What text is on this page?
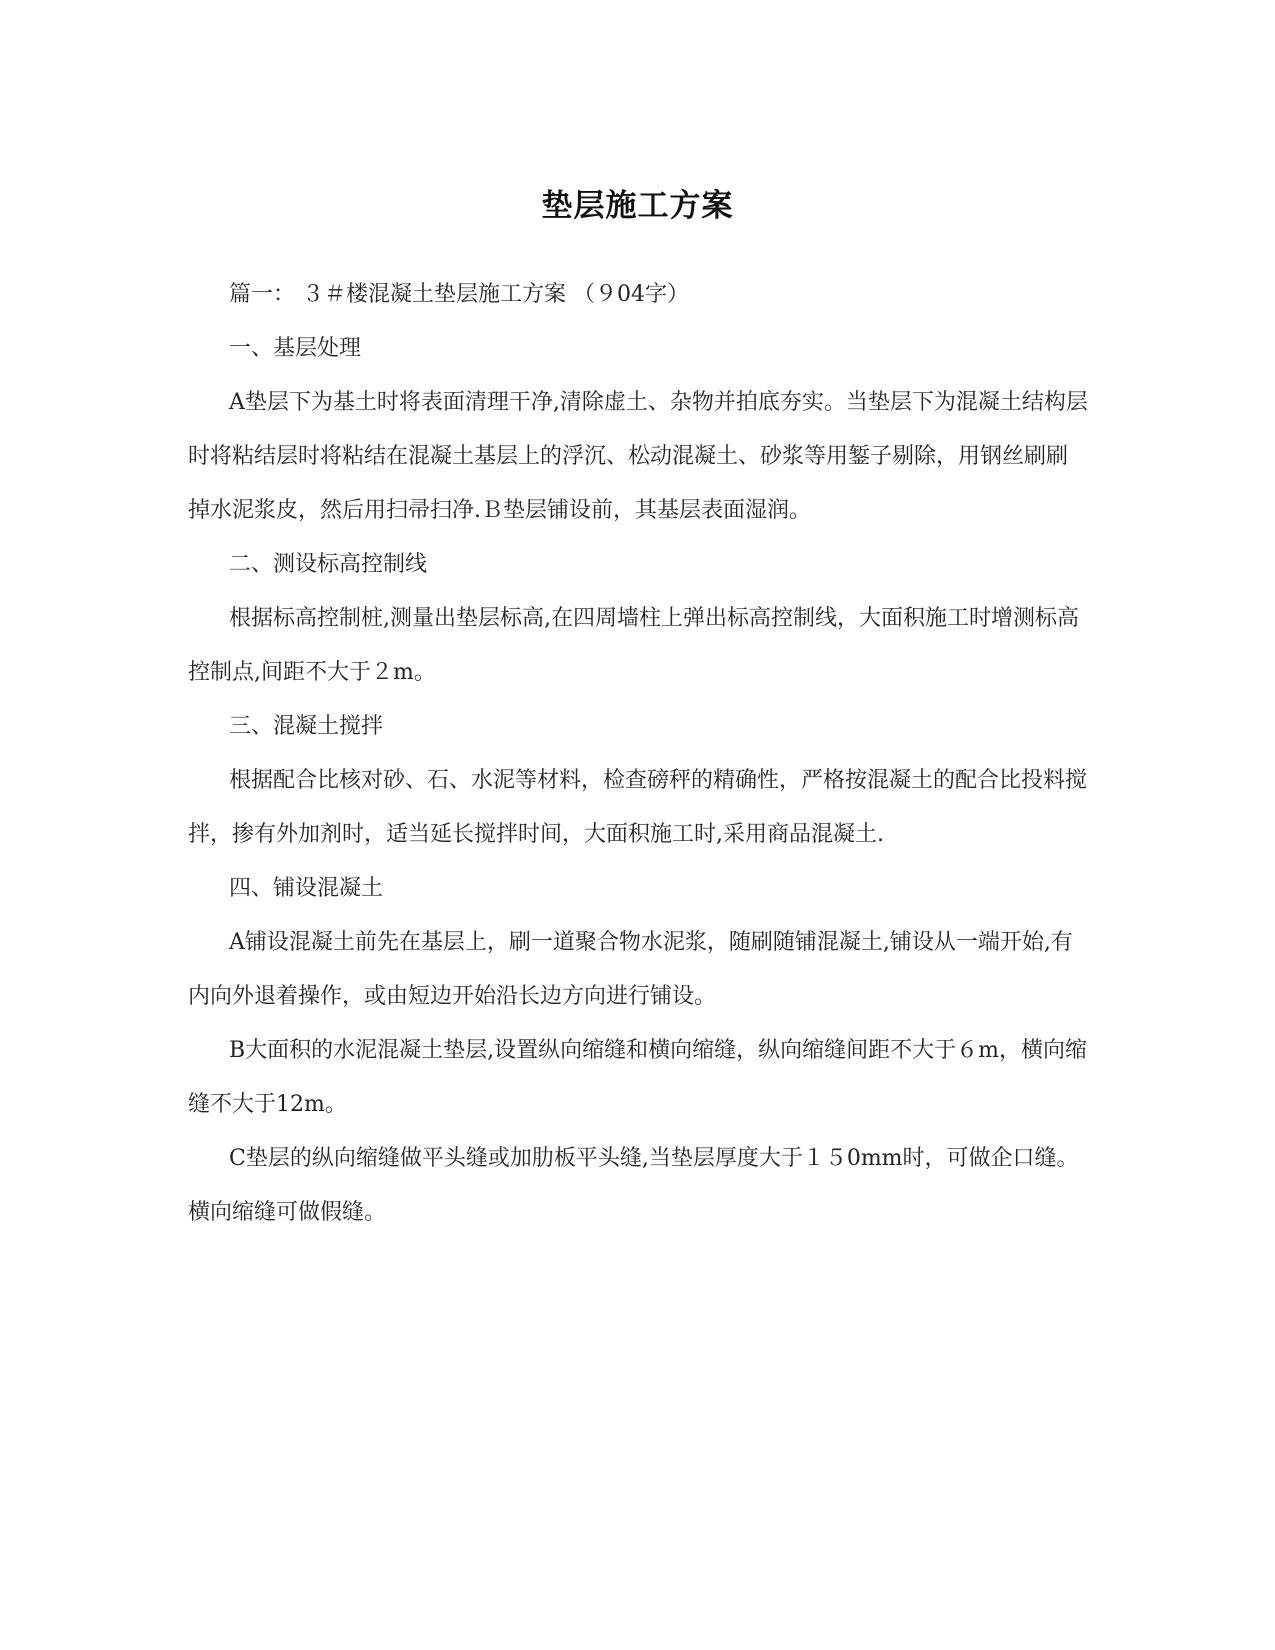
垫层施工方案

篇一： ３＃楼混凝土垫层施工方案 （９04字）

一、基层处理

A垫层下为基土时将表面清理干净,清除虚土、杂物并拍底夯实。当垫层下为混凝土结构层时将粘结层时将粘结在混凝土基层上的浮沉、松动混凝土、砂浆等用錾子剔除，用钢丝刷刷掉水泥浆皮，然后用扫帚扫净.Ｂ垫层铺设前，其基层表面湿润。

二、测设标高控制线

根据标高控制桩,测量出垫层标高,在四周墙柱上弹出标高控制线，大面积施工时增测标高控制点,间距不大于２m。

三、混凝土搅拌

根据配合比核对砂、石、水泥等材料，检查磅秤的精确性，严格按混凝土的配合比投料搅拌，掺有外加剂时，适当延长搅拌时间，大面积施工时,采用商品混凝土.

四、铺设混凝土

A铺设混凝土前先在基层上，刷一道聚合物水泥浆，随刷随铺混凝土,铺设从一端开始,有内向外退着操作，或由短边开始沿长边方向进行铺设。

B大面积的水泥混凝土垫层,设置纵向缩缝和横向缩缝，纵向缩缝间距不大于６m，横向缩缝不大于12m。

C垫层的纵向缩缝做平头缝或加肋板平头缝,当垫层厚度大于１５0mm时，可做企口缝。横向缩缝可做假缝。
